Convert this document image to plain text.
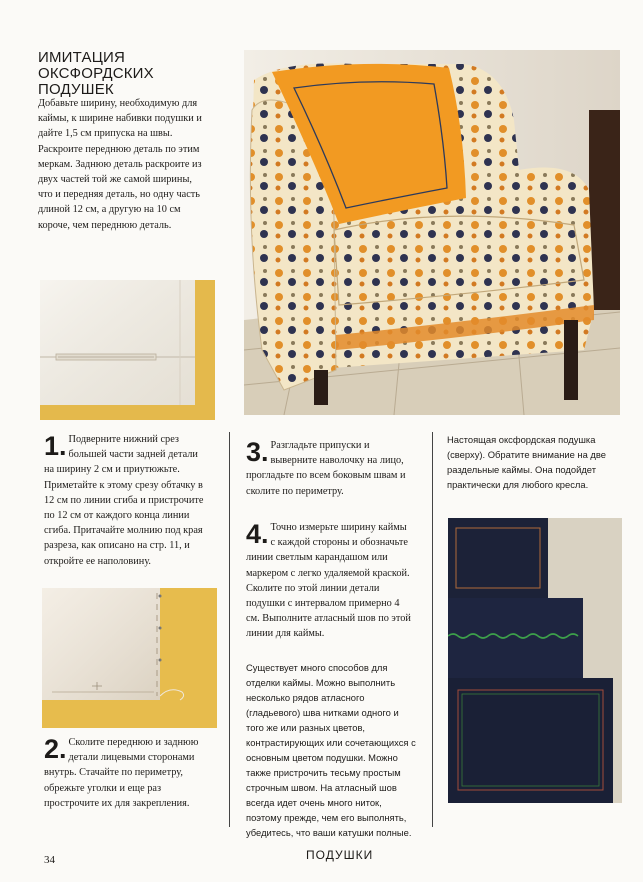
ИМИТАЦИЯ
ОКСФОРДСКИХ ПОДУШЕК
Добавьте ширину, необходимую для каймы, к ширине набивки подушки и дайте 1,5 см припуска на швы. Раскроите переднюю деталь по этим меркам. Заднюю деталь раскроите из двух частей той же самой ширины, что и передняя деталь, но одну часть длиной 12 см, а другую на 10 см короче, чем переднюю деталь.
1. Подверните нижний срез большей части задней детали на ширину 2 см и приутюжьте. Приметайте к этому срезу обтачку в 12 см по линии сгиба и пристрочите по 12 см от каждого конца линии сгиба. Притачайте молнию под края разреза, как описано на стр. 11, и откройте ее наполовину.
2. Сколите переднюю и заднюю детали лицевыми сторонами внутрь. Стачайте по периметру, обрежьте уголки и еще раз прострочите их для закрепления.
3. Разгладьте припуски и выверните наволочку на лицо, прогладьте по всем боковым швам и сколите по периметру.
4. Точно измерьте ширину каймы с каждой стороны и обозначьте линии светлым карандашом или маркером с легко удаляемой краской. Сколите по этой линии детали подушки с интервалом примерно 4 см. Выполните атласный шов по этой линии для каймы.
Существует много способов для отделки каймы. Можно выполнить несколько рядов атласного (гладьевого) шва нитками одного и того же или разных цветов, контрастирующих или сочетающихся с основным цветом подушки. Можно также пристрочить тесьму простым строчным швом. На атласный шов всегда идет очень много ниток, поэтому прежде, чем его выполнять, убедитесь, что ваши катушки полные.
Настоящая оксфордская подушка (сверху). Обратите внимание на две раздельные каймы. Она подойдет практически для любого кресла.
34	ПОДУШКИ
